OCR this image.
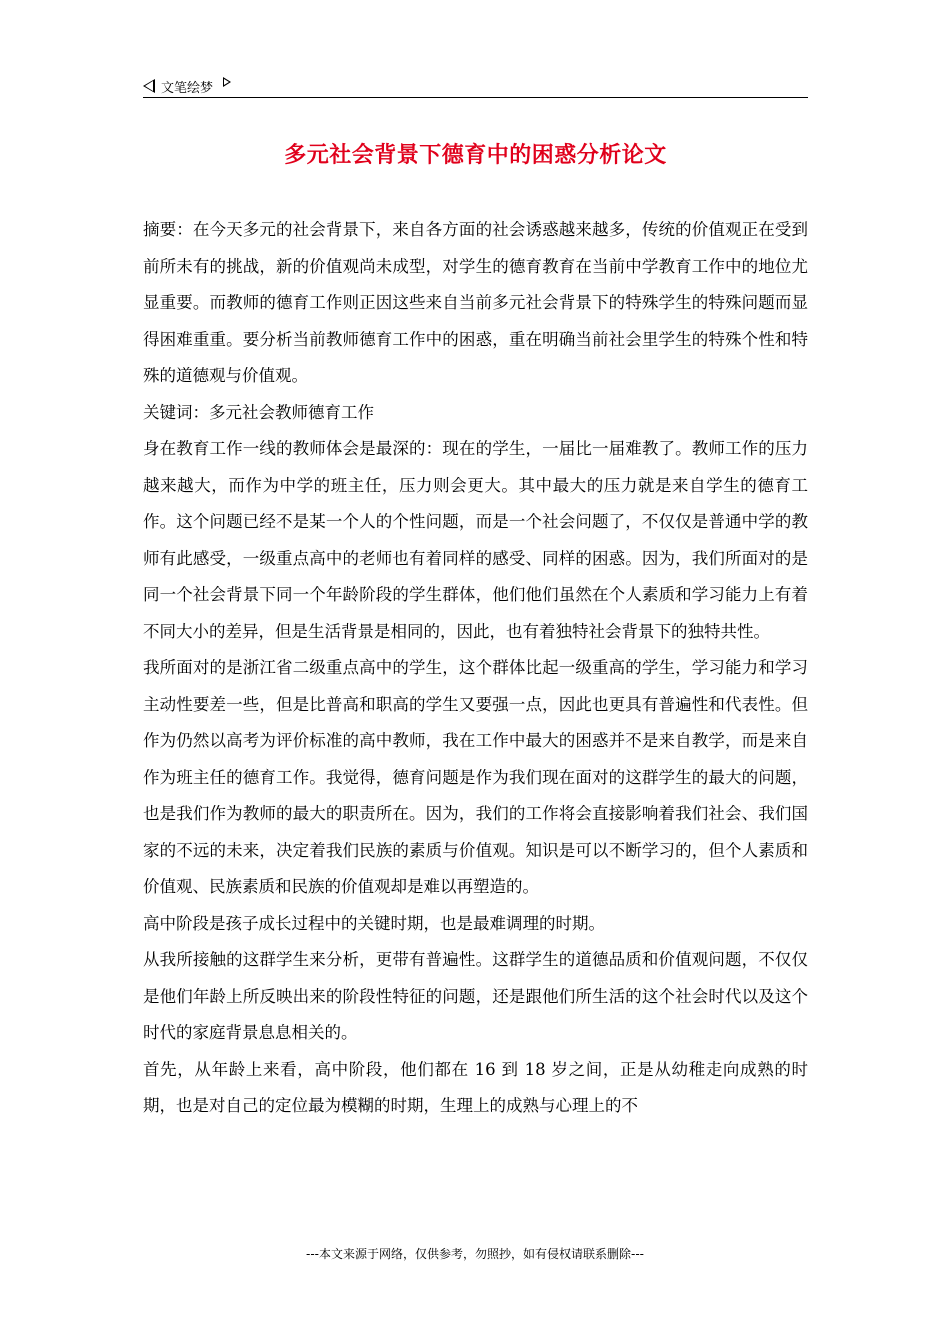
文笔绘梦
多元社会背景下德育中的困惑分析论文

摘要：在今天多元的社会背景下，来自各方面的社会诱惑越来越多，传统的价值观正在受到前所未有的挑战，新的价值观尚未成型，对学生的德育教育在当前中学教育工作中的地位尤显重要。而教师的德育工作则正因这些来自当前多元社会背景下的特殊学生的特殊问题而显得困难重重。要分析当前教师德育工作中的困惑，重在明确当前社会里学生的特殊个性和特殊的道德观与价值观。

关键词：多元社会教师德育工作

身在教育工作一线的教师体会是最深的：现在的学生，一届比一届难教了。教师工作的压力越来越大，而作为中学的班主任，压力则会更大。其中最大的压力就是来自学生的德育工作。这个问题已经不是某一个人的个性问题，而是一个社会问题了，不仅仅是普通中学的教师有此感受，一级重点高中的老师也有着同样的感受、同样的困惑。因为，我们所面对的是同一个社会背景下同一个年龄阶段的学生群体，他们他们虽然在个人素质和学习能力上有着不同大小的差异，但是生活背景是相同的，因此，也有着独特社会背景下的独特共性。

我所面对的是浙江省二级重点高中的学生，这个群体比起一级重高的学生，学习能力和学习主动性要差一些，但是比普高和职高的学生又要强一点，因此也更具有普遍性和代表性。但作为仍然以高考为评价标准的高中教师，我在工作中最大的困惑并不是来自教学，而是来自作为班主任的德育工作。我觉得，德育问题是作为我们现在面对的这群学生的最大的问题，也是我们作为教师的最大的职责所在。因为，我们的工作将会直接影响着我们社会、我们国家的不远的未来，决定着我们民族的素质与价值观。知识是可以不断学习的，但个人素质和价值观、民族素质和民族的价值观却是难以再塑造的。

高中阶段是孩子成长过程中的关键时期，也是最难调理的时期。

从我所接触的这群学生来分析，更带有普遍性。这群学生的道德品质和价值观问题，不仅仅是他们年龄上所反映出来的阶段性特征的问题，还是跟他们所生活的这个社会时代以及这个时代的家庭背景息息相关的。

首先，从年龄上来看，高中阶段，他们都在 16 到 18 岁之间，正是从幼稚走向成熟的时期，也是对自己的定位最为模糊的时期，生理上的成熟与心理上的不

---本文来源于网络，仅供参考，勿照抄，如有侵权请联系删除---
